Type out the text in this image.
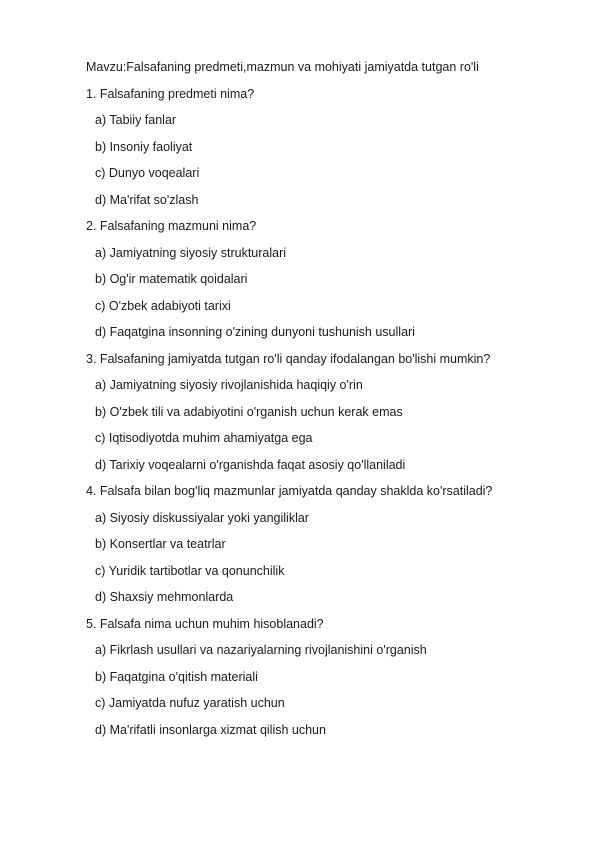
Mavzu:Falsafaning predmeti,mazmun va mohiyati jamiyatda tutgan ro'li
1. Falsafaning predmeti nima?
a) Tabiiy fanlar
b) Insoniy faoliyat
c) Dunyo voqealari
d) Ma'rifat so'zlash
2. Falsafaning mazmuni nima?
a) Jamiyatning siyosiy strukturalari
b) Og'ir matematik qoidalari
c) O'zbek adabiyoti tarixi
d) Faqatgina insonning o'zining dunyoni tushunish usullari
3. Falsafaning jamiyatda tutgan ro'li qanday ifodalangan bo'lishi mumkin?
a) Jamiyatning siyosiy rivojlanishida haqiqiy o'rin
b) O'zbek tili va adabiyotini o'rganish uchun kerak emas
c) Iqtisodiyotda muhim ahamiyatga ega
d) Tarixiy voqealarni o'rganishda faqat asosiy qo'llaniladi
4. Falsafa bilan bog'liq mazmunlar jamiyatda qanday shaklda ko'rsatiladi?
a) Siyosiy diskussiyalar yoki yangiliklar
b) Konsertlar va teatrlar
c) Yuridik tartibotlar va qonunchilik
d) Shaxsiy mehmonlarda
5. Falsafa nima uchun muhim hisoblanadi?
a) Fikrlash usullari va nazariyalarning rivojlanishini o'rganish
b) Faqatgina o'qitish materiali
c) Jamiyatda nufuz yaratish uchun
d) Ma'rifatli insonlarga xizmat qilish uchun
